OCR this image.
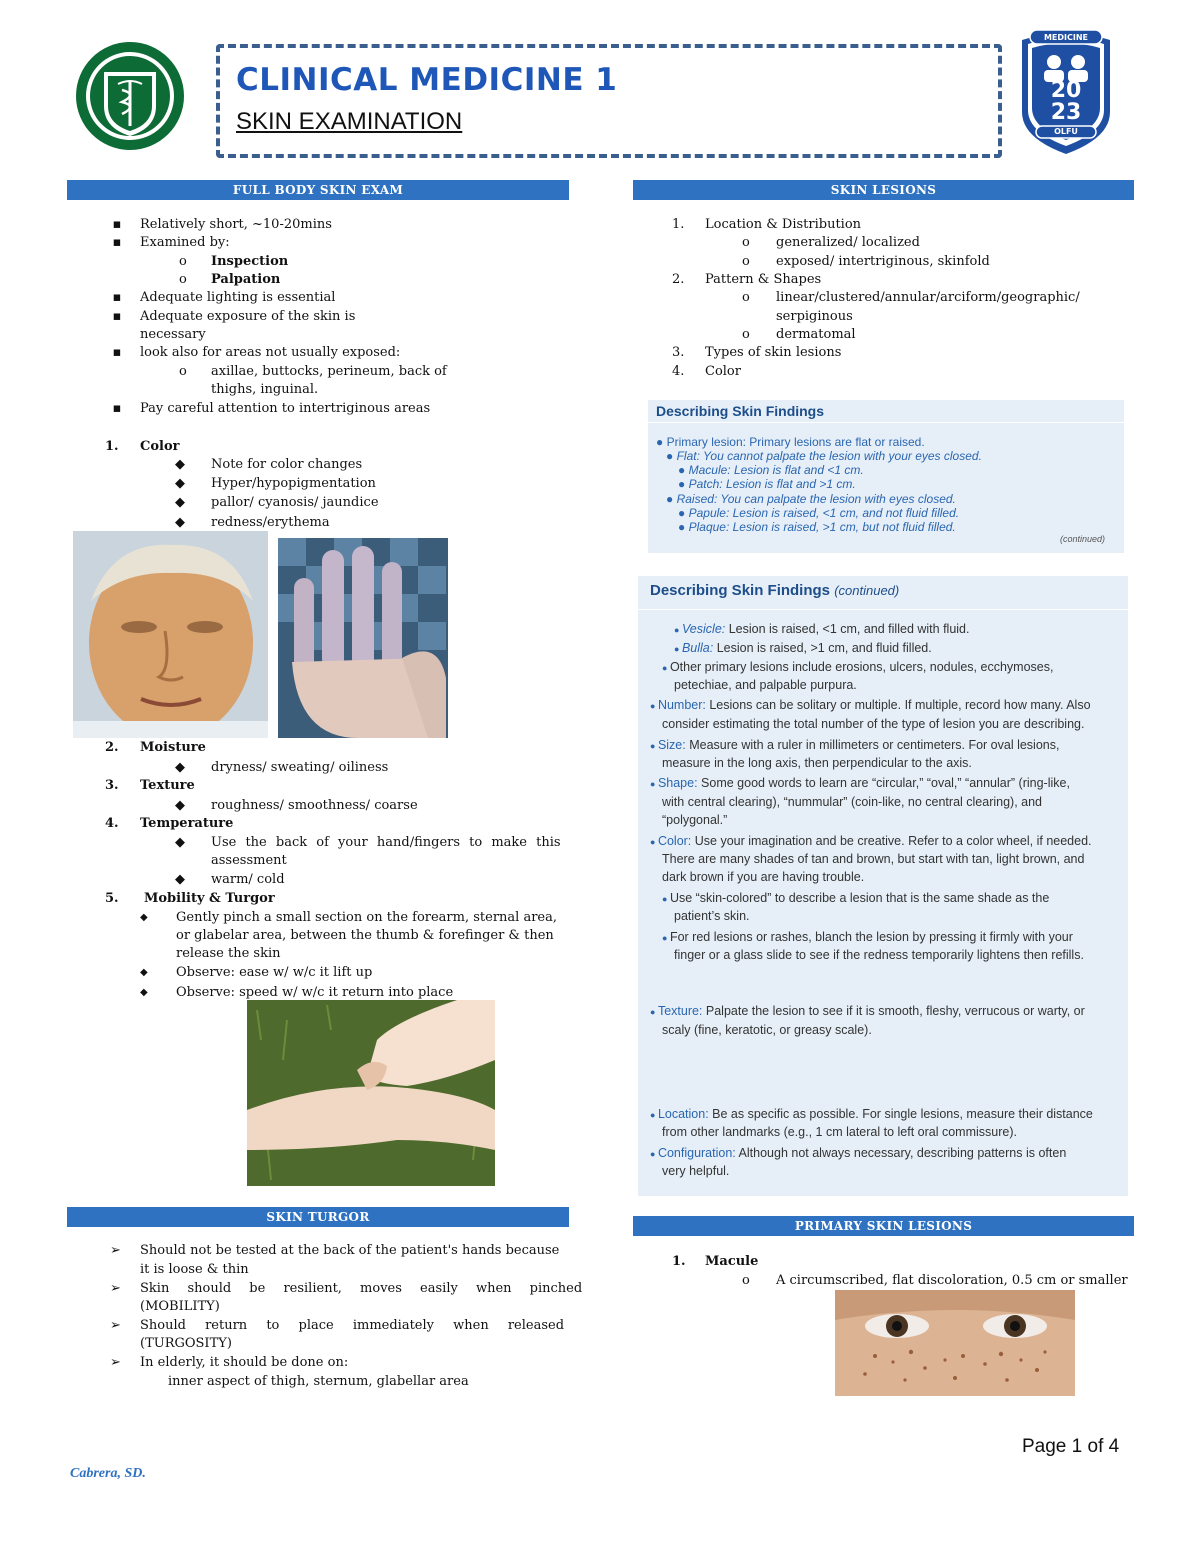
CLINICAL MEDICINE 1
SKIN EXAMINATION
MEDICINE
20
23
OLFU
FULL BODY SKIN EXAM
▪ Relatively short, ~10-20mins
▪ Examined by:
o Inspection
o Palpation
▪ Adequate lighting is essential
▪ Adequate exposure of the skin is
necessary
▪ look also for areas not usually exposed:
o axillae, buttocks, perineum, back of
thighs, inguinal.
▪ Pay careful attention to intertriginous areas
1. Color
◆ Note for color changes
◆ Hyper/hypopigmentation
◆ pallor/ cyanosis/ jaundice
◆ redness/erythema
2. Moisture
◆ dryness/ sweating/ oiliness
3. Texture
◆ roughness/ smoothness/ coarse
4. Temperature
◆ Use the back of your hand/fingers to make this
assessment
◆ warm/ cold
5. Mobility & Turgor
◆ Gently pinch a small section on the forearm, sternal area,
or glabelar area, between the thumb & forefinger & then
release the skin
◆ Observe: ease w/ w/c it lift up
◆ Observe: speed w/ w/c it return into place
SKIN TURGOR
➢ Should not be tested at the back of the patient's hands because
it is loose & thin
➢ Skin should be resilient, moves easily when pinched
(MOBILITY)
➢ Should return to place immediately when released
(TURGOSITY)
➢ In elderly, it should be done on:
inner aspect of thigh, sternum, glabellar area
SKIN LESIONS
1. Location & Distribution
o generalized/ localized
o exposed/ intertriginous, skinfold
2. Pattern & Shapes
o linear/clustered/annular/arciform/geographic/
serpiginous
o dermatomal
3. Types of skin lesions
4. Color
Describing Skin Findings
● Primary lesion: Primary lesions are flat or raised.
● Flat: You cannot palpate the lesion with your eyes closed.
● Macule: Lesion is flat and <1 cm.
● Patch: Lesion is flat and >1 cm.
● Raised: You can palpate the lesion with eyes closed.
● Papule: Lesion is raised, <1 cm, and not fluid filled.
● Plaque: Lesion is raised, >1 cm, but not fluid filled.
(continued)
Describing Skin Findings (continued)
● Vesicle: Lesion is raised, <1 cm, and filled with fluid.
● Bulla: Lesion is raised, >1 cm, and fluid filled.
● Other primary lesions include erosions, ulcers, nodules, ecchymoses,
petechiae, and palpable purpura.
● Number: Lesions can be solitary or multiple. If multiple, record how many. Also
consider estimating the total number of the type of lesion you are describing.
● Size: Measure with a ruler in millimeters or centimeters. For oval lesions,
measure in the long axis, then perpendicular to the axis.
● Shape: Some good words to learn are “circular,” “oval,” “annular” (ring-like,
with central clearing), “nummular” (coin-like, no central clearing), and
“polygonal.”
● Color: Use your imagination and be creative. Refer to a color wheel, if needed.
There are many shades of tan and brown, but start with tan, light brown, and
dark brown if you are having trouble.
● Use “skin-colored” to describe a lesion that is the same shade as the
patient’s skin.
● For red lesions or rashes, blanch the lesion by pressing it firmly with your
finger or a glass slide to see if the redness temporarily lightens then refills.
● Texture: Palpate the lesion to see if it is smooth, fleshy, verrucous or warty, or
scaly (fine, keratotic, or greasy scale).
● Location: Be as specific as possible. For single lesions, measure their distance
from other landmarks (e.g., 1 cm lateral to left oral commissure).
● Configuration: Although not always necessary, describing patterns is often
very helpful.
PRIMARY SKIN LESIONS
1. Macule
o A circumscribed, flat discoloration, 0.5 cm or smaller
Cabrera, SD.
Page 1 of 4
